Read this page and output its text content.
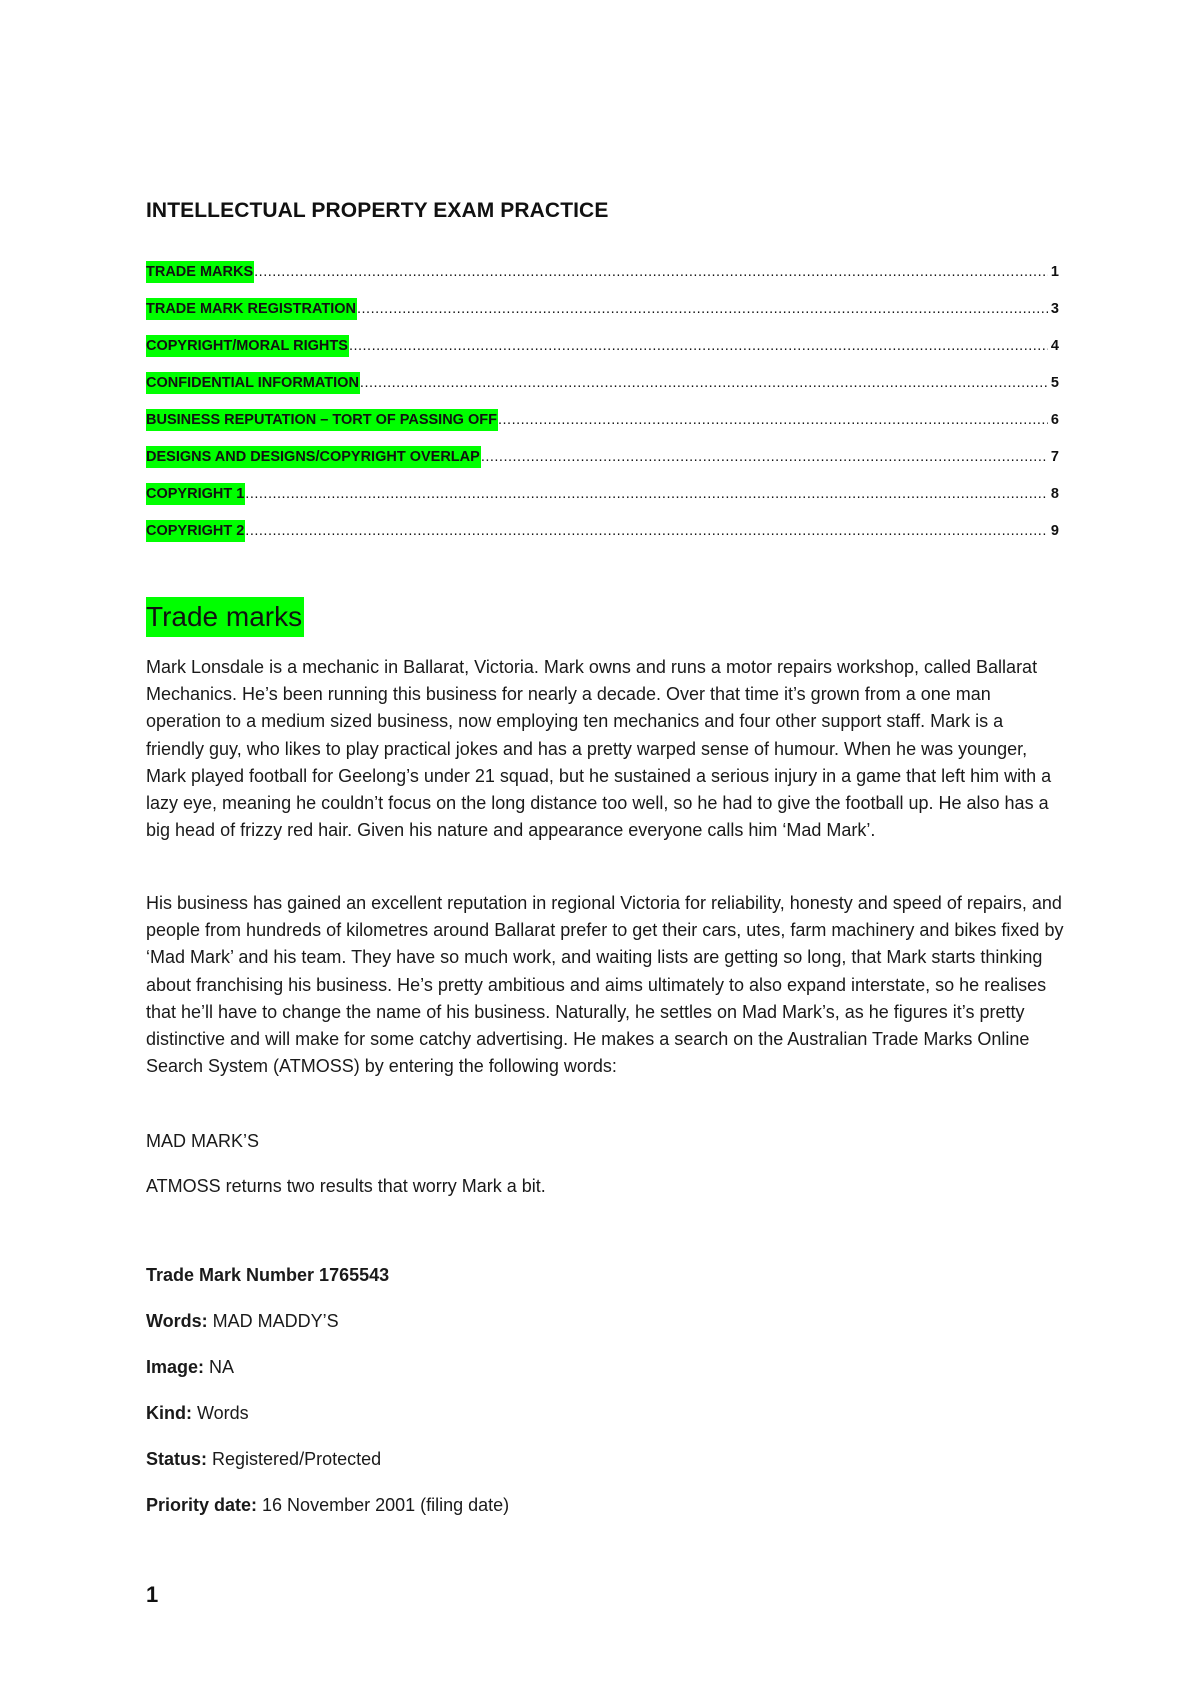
INTELLECTUAL PROPERTY EXAM PRACTICE
TRADE MARKS .....	1
TRADE MARK REGISTRATION .....	3
COPYRIGHT/MORAL RIGHTS .....	4
CONFIDENTIAL INFORMATION .....	5
BUSINESS REPUTATION – TORT OF PASSING OFF .....	6
DESIGNS AND DESIGNS/COPYRIGHT OVERLAP .....	7
COPYRIGHT 1 .....	8
COPYRIGHT 2 .....	9
Trade marks

Mark Lonsdale is a mechanic in Ballarat, Victoria. Mark owns and runs a motor repairs workshop, called Ballarat Mechanics. He’s been running this business for nearly a decade. Over that time it’s grown from a one man operation to a medium sized business, now employing ten mechanics and four other support staff. Mark is a friendly guy, who likes to play practical jokes and has a pretty warped sense of humour. When he was younger, Mark played football for Geelong’s under 21 squad, but he sustained a serious injury in a game that left him with a lazy eye, meaning he couldn’t focus on the long distance too well, so he had to give the football up. He also has a big head of frizzy red hair. Given his nature and appearance everyone calls him ‘Mad Mark’.

His business has gained an excellent reputation in regional Victoria for reliability, honesty and speed of repairs, and people from hundreds of kilometres around Ballarat prefer to get their cars, utes, farm machinery and bikes fixed by ‘Mad Mark’ and his team. They have so much work, and waiting lists are getting so long, that Mark starts thinking about franchising his business. He’s pretty ambitious and aims ultimately to also expand interstate, so he realises that he’ll have to change the name of his business. Naturally, he settles on Mad Mark’s, as he figures it’s pretty distinctive and will make for some catchy advertising. He makes a search on the Australian Trade Marks Online Search System (ATMOSS) by entering the following words:

MAD MARK’S

ATMOSS returns two results that worry Mark a bit.

Trade Mark Number 1765543
Words: MAD MADDY’S
Image: NA
Kind: Words
Status: Registered/Protected
Priority date: 16 November 2001 (filing date)

1
